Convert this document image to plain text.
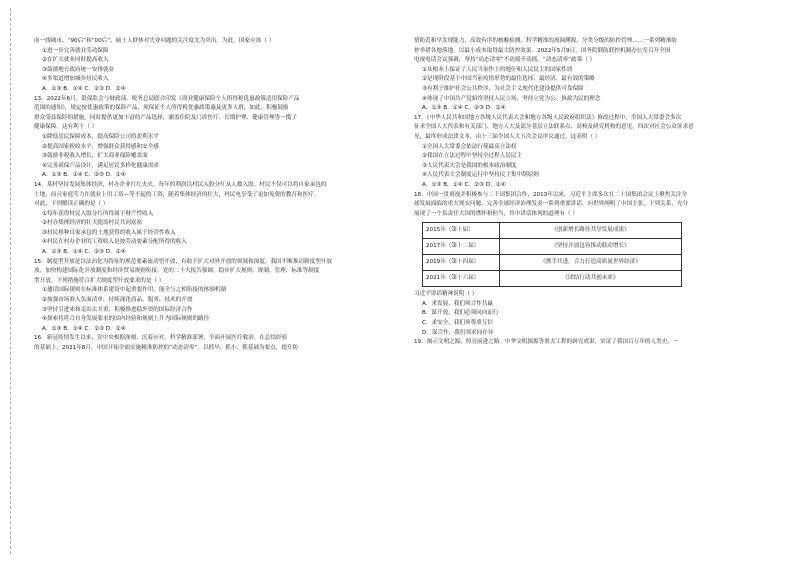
而一线城市、“90后”和“00后”、硕士人群体对失业问题的关注度尤为突出。为此，国家应该（ ）
①进一步完善就业劳动保障
②在扩大就业同时提高收入
③鼓励地方政府统一安排就业
④多渠道增加城乡居民收入
A．①③ B．①④ C．②③ D．②④
13．2022年6月，银保监会与财政部、税务总局联合印发《商业健康保险个人所得税优惠政策适用保险产品
范围的通知》，规定按优惠政策的保险产品，须保证个人所得税优惠政策惠及更多人群，如此，积极鼓励
群众受益保险的措施，同时提供更加丰富的产品选择，涵盖住院及门诊医疗、长期护理、健康管理等一揽子
健康保障。这有利于（ ）
①降低居民保障成本，提高保险公司的盈利水平
②提高国家税收水平，增强群众获得感和安全感
③鼓励非税收入增长，扩大商业保险覆盖面
④完善商保产品设计，满足居民多样化健康需求
A．①③ B．①④ C．②③ D．②④
14．某村坚持发展集体经济，村办企业红红火火，每年的利润以村民入股分红从人数入股。村民不仅可以将自家承包的
土地，而且家庭劳力在就业上用工资—等不起的工资，随着集体经济的壮大，村民电享受了更加免费的教育和医疗。
对此，下列解读正确的是（ ）
①每年获得村民入股分红所得属于财产性收入
②村办集体经济的壮大提高村民共同富裕
③村民租种自家承包的土地获得的收入属于经营性收入
④村民在村办企业的工资收入是按劳动要素分配所得的收入
A．①③ B．①④ C．②③ D．②④
15．制度型开放是以法治化为特征的规范要素流动型开放，有助于扩大对外开放的领域和深度，我国不断推动制度型开放
放，加快构建国际化开放制度和经济贸易规则衔接。党的二十大报告强调，稳步扩大规则、规制、管理、标准等制度
型开放。下列措施符合扩大制度型开放要求的是（ ）
①邀请国际规则在标准体系建设中起重要作用，能全与之相衔接的体制机制
②加强市场准入负面清单，持续深化商品、服务、技术的开放
③坚持引进来和走出去并重，积极推进稳外资的国际经济合作
④探索将符合自身发展要求的国内经验和规则上升为国际规则的路径
A．①③ B．①④ C．②③ D．②④
16．新冠疫情发生以来，党中央根据深刻、沉着应对，科学精准部署，全面开展医疗救治。在总结经验
的基础上，2021年8月，中国开始全面实施精准防控的“动态清零”，以抓早、抓小、抓基础为要点，提升防
情防范和早发现能力，高效有序的核酸检测、科学精准的流调溯源、分类分级的防控管理……一系列精准防
控举措各地落地，以最小成本取得最大防控效果。2022年5月9日，国务院联防联控机制办公室召开全国
电视电话会议强调，坚持“动态清零”不动摇不动摇。“动态清零”政策（ ）
①从根本上保证了人民当家作主的地位和人民民主的国家性质
②是现阶段基于中国当前疫情形势的最佳选择、最经济、最有效的策略
③有利于维护社会公共秩序，为社会主义现代化建设提供可靠保障
④体现了中国共产党始终坚持人民立场、坚持立党为公、执政为民的理念
A．①③ B．①④ C．②③ D．②④
17．《中华人民共和国地方各级人民代表大会和地方各级人民政府组织法》修改过程中，全国人大常委会多次
征求全国人大代表和有关部门、地方人大及部分基层立法联系点、高校及研究机构的意见，四次对社会公众征求意
见，最终形成法律文本，由十三届全国人大五次会议审议通过。这表明（ ）
①全国人大常委会依法行使最高立法权
②我国在立法过程中坚持全过程人民民主
③人民代表大会是我国的根本政治制度
④人民代表大会制度运行中坚持民主集中制原则
A．①③ B．①④ C．②③ D．②④
18．中国一贯重视并积极参与二十国集团合作，2013年以来，习近平主席多次在二十国集团会议上聚焦关注全
球发展面临的重大现实问题、完善全球经济治理发表一系列重要讲话，向世界阐明了中国主张。下列关系，充分
展现了一个负责任大国的襟怀和担当，其中讲话体现的道理有（ ）
2015年（第十届）	《创新增长路径共享发展成果》
2017年（第十二届）	《坚持开放包容推动联动增长》
2019年（第十四届）	《携手共进，合力打造高质量世界经济》
2021年（第十六届）	《团结行动共创未来》
习近平讲话精神说明（ ）
A．求发展，我们须合作共赢
B．谋开放，我们必须同向而行
C．求安全，我们须尊重互信
D．谋合作，我们须求同存异
19．揭示文明之源，照亮前进之路。中华文明探源等重大工程的研究成果，实证了我国百万年的人类史、一
